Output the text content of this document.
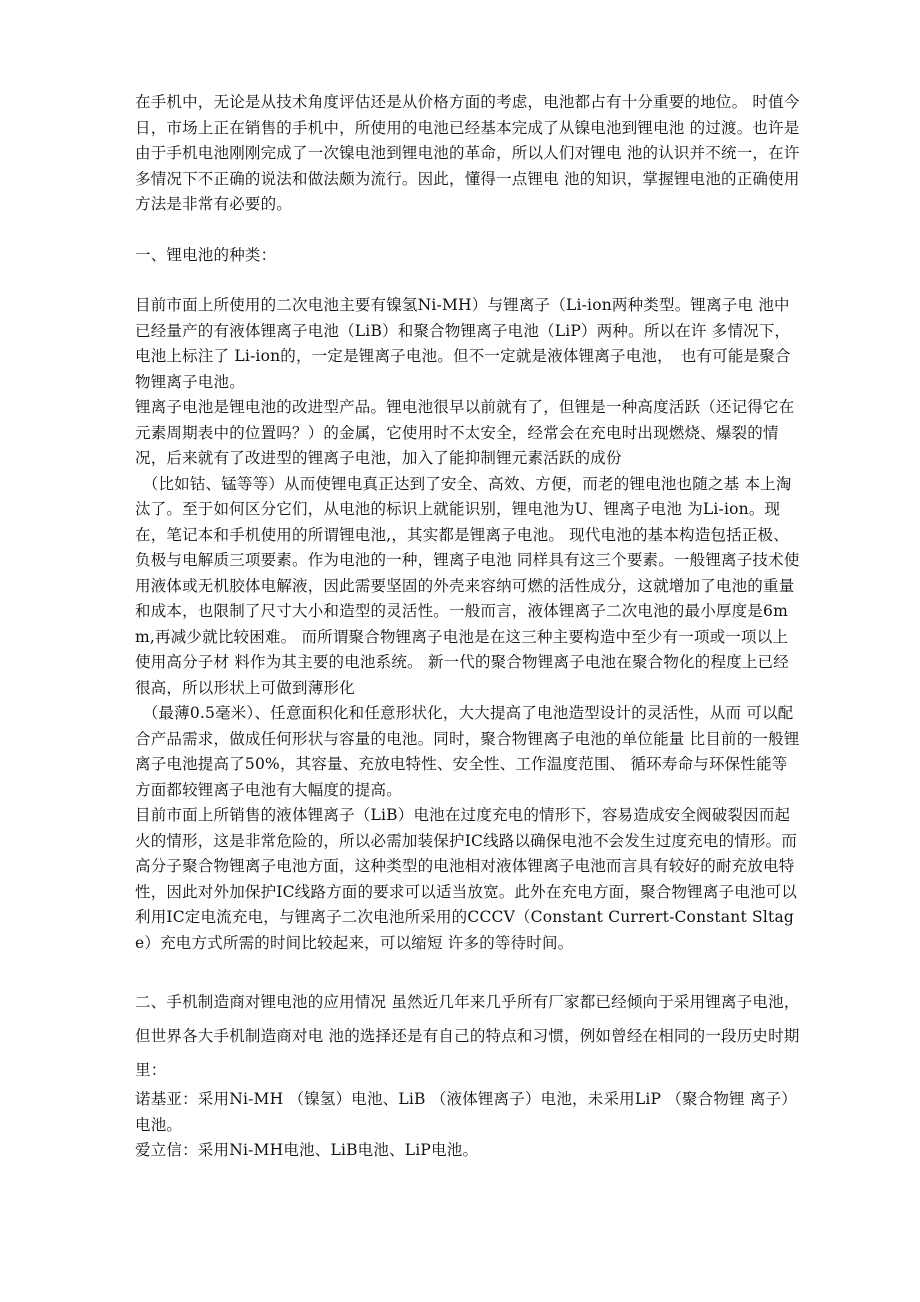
在手机中，无论是从技术角度评估还是从价格方面的考虑，电池都占有十分重要的地位。 时值今日，市场上正在销售的手机中，所使用的电池已经基本完成了从镍电池到锂电池 的过渡。也许是由于手机电池刚刚完成了一次镍电池到锂电池的革命，所以人们对锂电 池的认识并不统一，在许多情况下不正确的说法和做法颇为流行。因此，懂得一点锂电 池的知识，掌握锂电池的正确使用方法是非常有必要的。

一、锂电池的种类：

目前市面上所使用的二次电池主要有镍氢Ni-MH）与锂离子（Li-ion两种类型。锂离子电 池中已经量产的有液体锂离子电池（LiB）和聚合物锂离子电池（LiP）两种。所以在许 多情况下，电池上标注了 Li-ion的，一定是锂离子电池。但不一定就是液体锂离子电池，　也有可能是聚合物锂离子电池。

锂离子电池是锂电池的改进型产品。锂电池很早以前就有了，但锂是一种高度活跃（还记得它在元素周期表中的位置吗？）的金属，它使用时不太安全，经常会在充电时出现燃烧、爆裂的情况，后来就有了改进型的锂离子电池，加入了能抑制锂元素活跃的成份

（比如钴、锰等等）从而使锂电真正达到了安全、高效、方便，而老的锂电池也随之基 本上淘汰了。至于如何区分它们，从电池的标识上就能识别，锂电池为U、锂离子电池 为Li-ion。现在，笔记本和手机使用的所谓锂电池,，其实都是锂离子电池。 现代电池的基本构造包括正极、负极与电解质三项要素。作为电池的一种，锂离子电池 同样具有这三个要素。一般锂离子技术使用液体或无机胶体电解液，因此需要坚固的外壳来容纳可燃的活性成分，这就增加了电池的重量和成本，也限制了尺寸大小和造型的灵活性。一般而言，液体锂离子二次电池的最小厚度是6mm,再减少就比较困难。 而所谓聚合物锂离子电池是在这三种主要构造中至少有一项或一项以上使用高分子材 料作为其主要的电池系统。 新一代的聚合物锂离子电池在聚合物化的程度上已经很高，所以形状上可做到薄形化

（最薄0.5毫米）、任意面积化和任意形状化，大大提高了电池造型设计的灵活性，从而 可以配合产品需求，做成任何形状与容量的电池。同时，聚合物锂离子电池的单位能量 比目前的一般锂离子电池提高了50%，其容量、充放电特性、安全性、工作温度范围、 循环寿命与环保性能等方面都较锂离子电池有大幅度的提高。

目前市面上所销售的液体锂离子（LiB）电池在过度充电的情形下，容易造成安全阀破裂因而起火的情形，这是非常危险的，所以必需加装保护IC线路以确保电池不会发生过度充电的情形。而高分子聚合物锂离子电池方面，这种类型的电池相对液体锂离子电池而言具有较好的耐充放电特性，因此对外加保护IC线路方面的要求可以适当放宽。此外在充电方面，聚合物锂离子电池可以利用IC定电流充电，与锂离子二次电池所采用的CCCV（Constant Currert-Constant Sltage）充电方式所需的时间比较起来，可以缩短 许多的等待时间。

二、手机制造商对锂电池的应用情况 虽然近几年来几乎所有厂家都已经倾向于采用锂离子电池，但世界各大手机制造商对电 池的选择还是有自己的特点和习惯，例如曾经在相同的一段历史时期里：

诺基亚：采用Ni-MH （镍氢）电池、LiB （液体锂离子）电池，未采用LiP （聚合物锂 离子）电池。

爱立信：采用Ni-MH电池、LiB电池、LiP电池。
